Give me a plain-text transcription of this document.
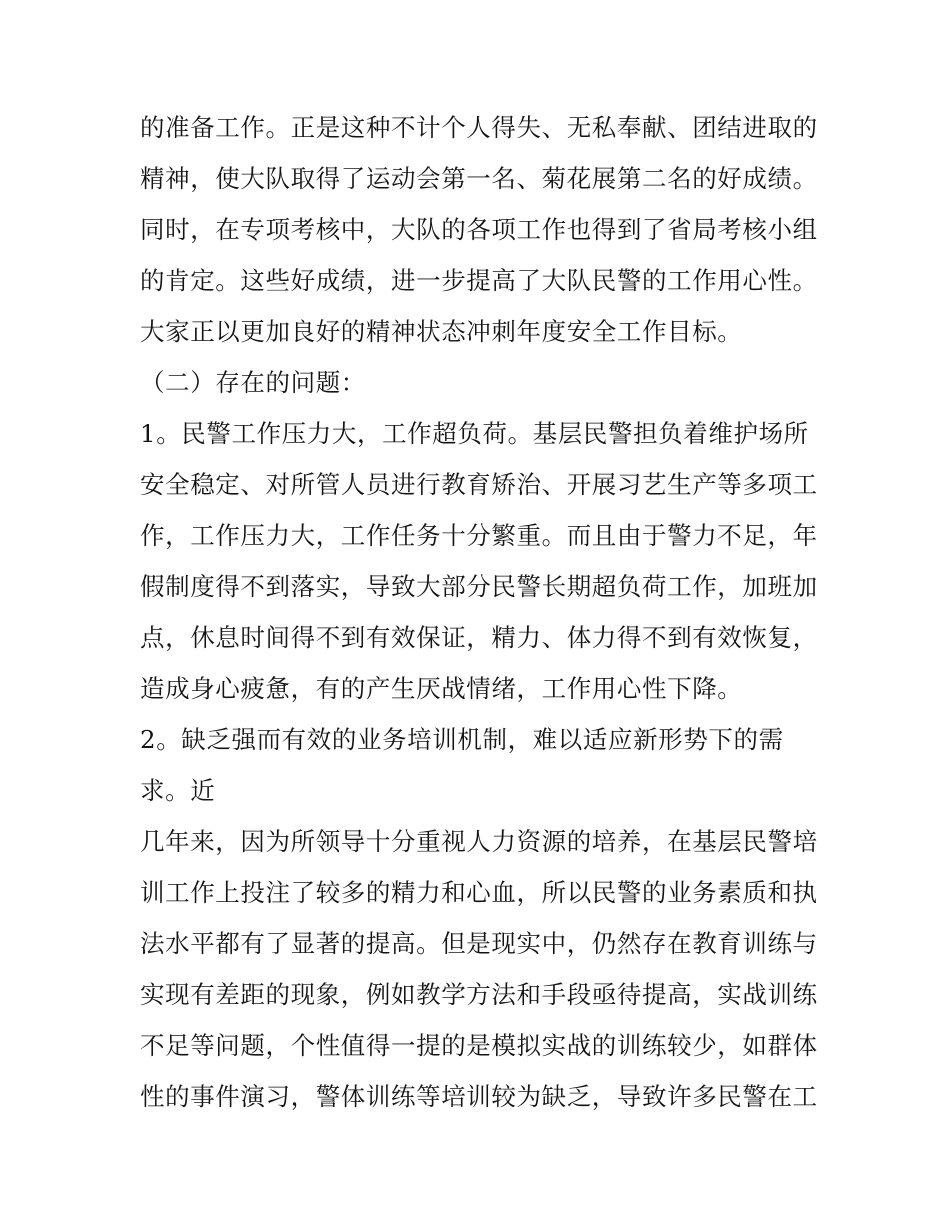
的准备工作。正是这种不计个人得失、无私奉献、团结进取的
精神，使大队取得了运动会第一名、菊花展第二名的好成绩。
同时，在专项考核中，大队的各项工作也得到了省局考核小组
的肯定。这些好成绩，进一步提高了大队民警的工作用心性。
大家正以更加良好的精神状态冲刺年度安全工作目标。
（二）存在的问题：
1。民警工作压力大，工作超负荷。基层民警担负着维护场所
安全稳定、对所管人员进行教育矫治、开展习艺生产等多项工
作，工作压力大，工作任务十分繁重。而且由于警力不足，年
假制度得不到落实，导致大部分民警长期超负荷工作，加班加
点，休息时间得不到有效保证，精力、体力得不到有效恢复，
造成身心疲惫，有的产生厌战情绪，工作用心性下降。
2。缺乏强而有效的业务培训机制，难以适应新形势下的需
求。近
几年来，因为所领导十分重视人力资源的培养，在基层民警培
训工作上投注了较多的精力和心血，所以民警的业务素质和执
法水平都有了显著的提高。但是现实中，仍然存在教育训练与
实现有差距的现象，例如教学方法和手段亟待提高，实战训练
不足等问题，个性值得一提的是模拟实战的训练较少，如群体
性的事件演习，警体训练等培训较为缺乏，导致许多民警在工
